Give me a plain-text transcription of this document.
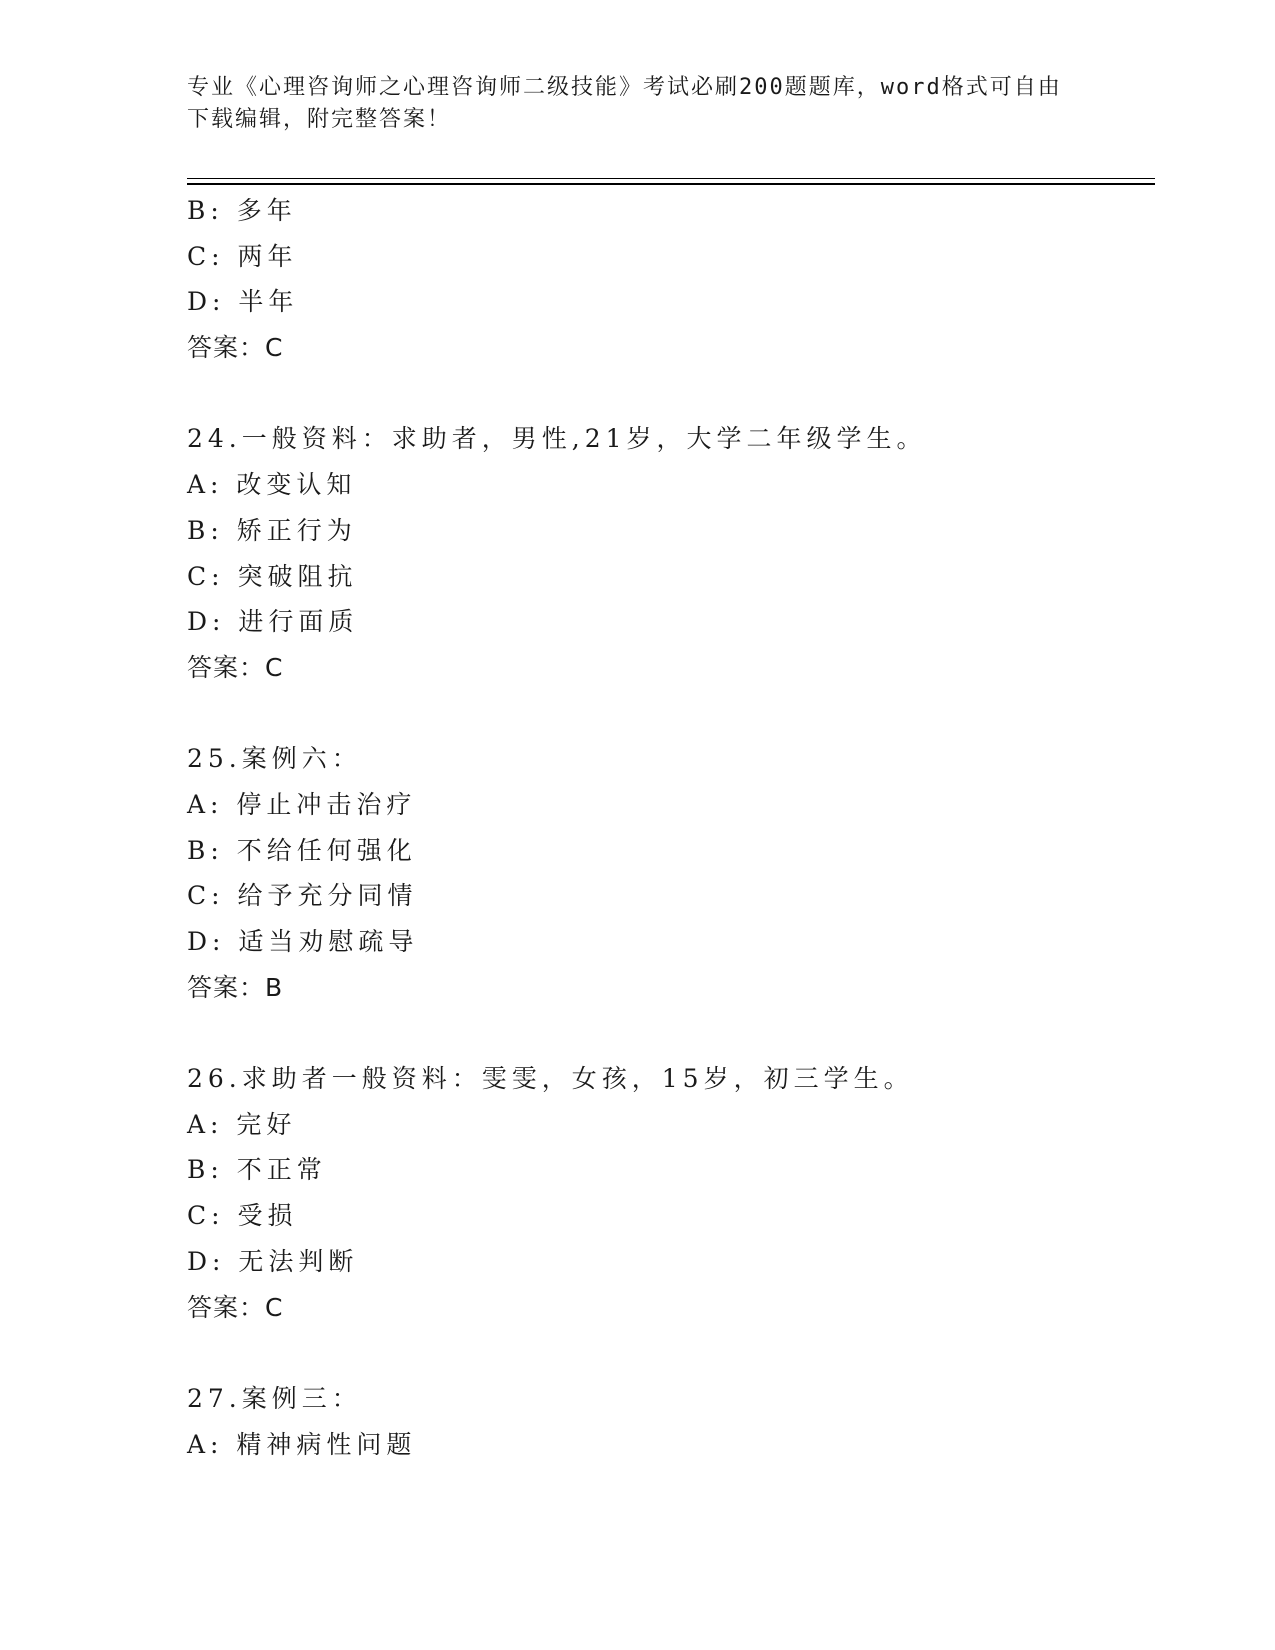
专业《心理咨询师之心理咨询师二级技能》考试必刷200题题库，word格式可自由下载编辑，附完整答案！
B: 多年
C: 两年
D: 半年
答案：C
24.一般资料：求助者，男性,21岁，大学二年级学生。
A: 改变认知
B: 矫正行为
C: 突破阻抗
D: 进行面质
答案：C
25.案例六：
A: 停止冲击治疗
B: 不给任何强化
C: 给予充分同情
D: 适当劝慰疏导
答案：B
26.求助者一般资料：雯雯，女孩，15岁，初三学生。
A: 完好
B: 不正常
C: 受损
D: 无法判断
答案：C
27.案例三：
A: 精神病性问题
